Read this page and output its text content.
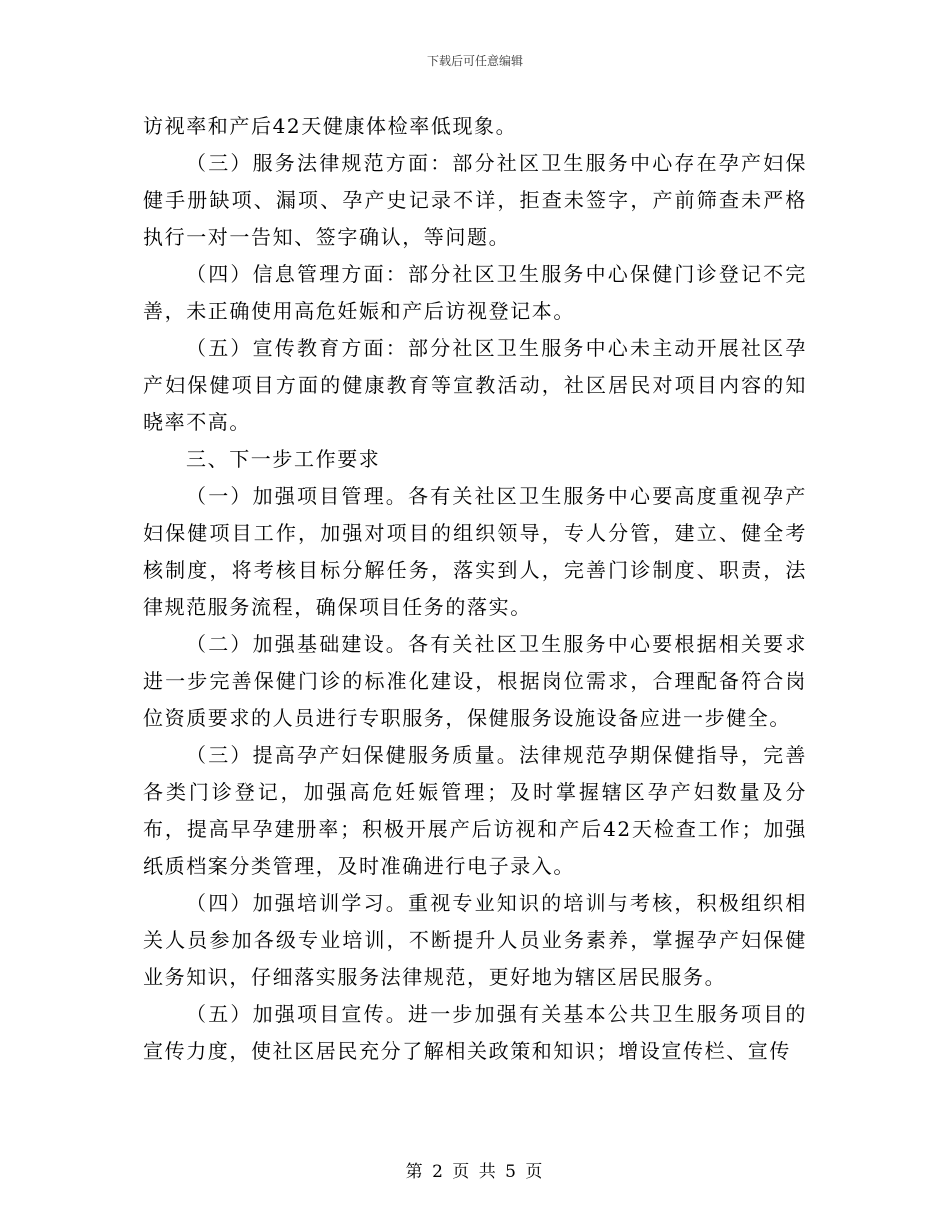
下载后可任意编辑

访视率和产后42天健康体检率低现象。

（三）服务法律规范方面：部分社区卫生服务中心存在孕产妇保健手册缺项、漏项、孕产史记录不详，拒查未签字，产前筛查未严格执行一对一告知、签字确认，等问题。

（四）信息管理方面：部分社区卫生服务中心保健门诊登记不完善，未正确使用高危妊娠和产后访视登记本。

（五）宣传教育方面：部分社区卫生服务中心未主动开展社区孕产妇保健项目方面的健康教育等宣教活动，社区居民对项目内容的知晓率不高。

三、下一步工作要求

（一）加强项目管理。各有关社区卫生服务中心要高度重视孕产妇保健项目工作，加强对项目的组织领导，专人分管，建立、健全考核制度，将考核目标分解任务，落实到人，完善门诊制度、职责，法律规范服务流程，确保项目任务的落实。

（二）加强基础建设。各有关社区卫生服务中心要根据相关要求进一步完善保健门诊的标准化建设，根据岗位需求，合理配备符合岗位资质要求的人员进行专职服务，保健服务设施设备应进一步健全。

（三）提高孕产妇保健服务质量。法律规范孕期保健指导，完善各类门诊登记，加强高危妊娠管理；及时掌握辖区孕产妇数量及分布，提高早孕建册率；积极开展产后访视和产后42天检查工作；加强纸质档案分类管理，及时准确进行电子录入。

（四）加强培训学习。重视专业知识的培训与考核，积极组织相关人员参加各级专业培训，不断提升人员业务素养，掌握孕产妇保健业务知识，仔细落实服务法律规范，更好地为辖区居民服务。

（五）加强项目宣传。进一步加强有关基本公共卫生服务项目的宣传力度，使社区居民充分了解相关政策和知识；增设宣传栏、宣传

第 2 页 共 5 页
